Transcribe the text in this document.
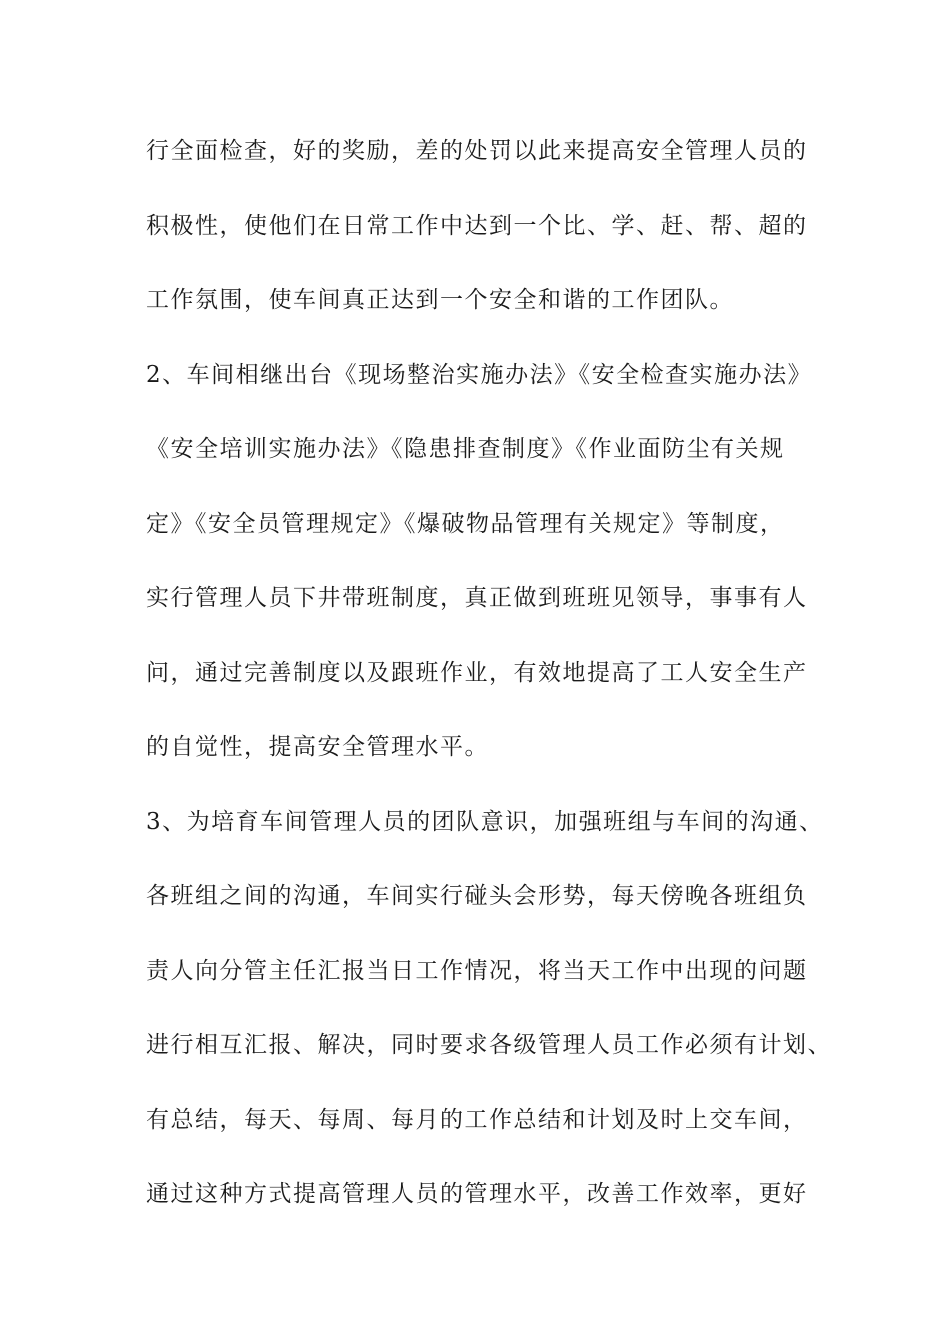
行全面检查，好的奖励，差的处罚以此来提高安全管理人员的
积极性，使他们在日常工作中达到一个比、学、赶、帮、超的
工作氛围，使车间真正达到一个安全和谐的工作团队。
2、车间相继出台《现场整治实施办法》《安全检查实施办法》
《安全培训实施办法》《隐患排查制度》《作业面防尘有关规
定》《安全员管理规定》《爆破物品管理有关规定》等制度，
实行管理人员下井带班制度，真正做到班班见领导，事事有人
问，通过完善制度以及跟班作业，有效地提高了工人安全生产
的自觉性，提高安全管理水平。
3、为培育车间管理人员的团队意识，加强班组与车间的沟通、
各班组之间的沟通，车间实行碰头会形势，每天傍晚各班组负
责人向分管主任汇报当日工作情况，将当天工作中出现的问题
进行相互汇报、解决，同时要求各级管理人员工作必须有计划、
有总结，每天、每周、每月的工作总结和计划及时上交车间，
通过这种方式提高管理人员的管理水平，改善工作效率，更好
